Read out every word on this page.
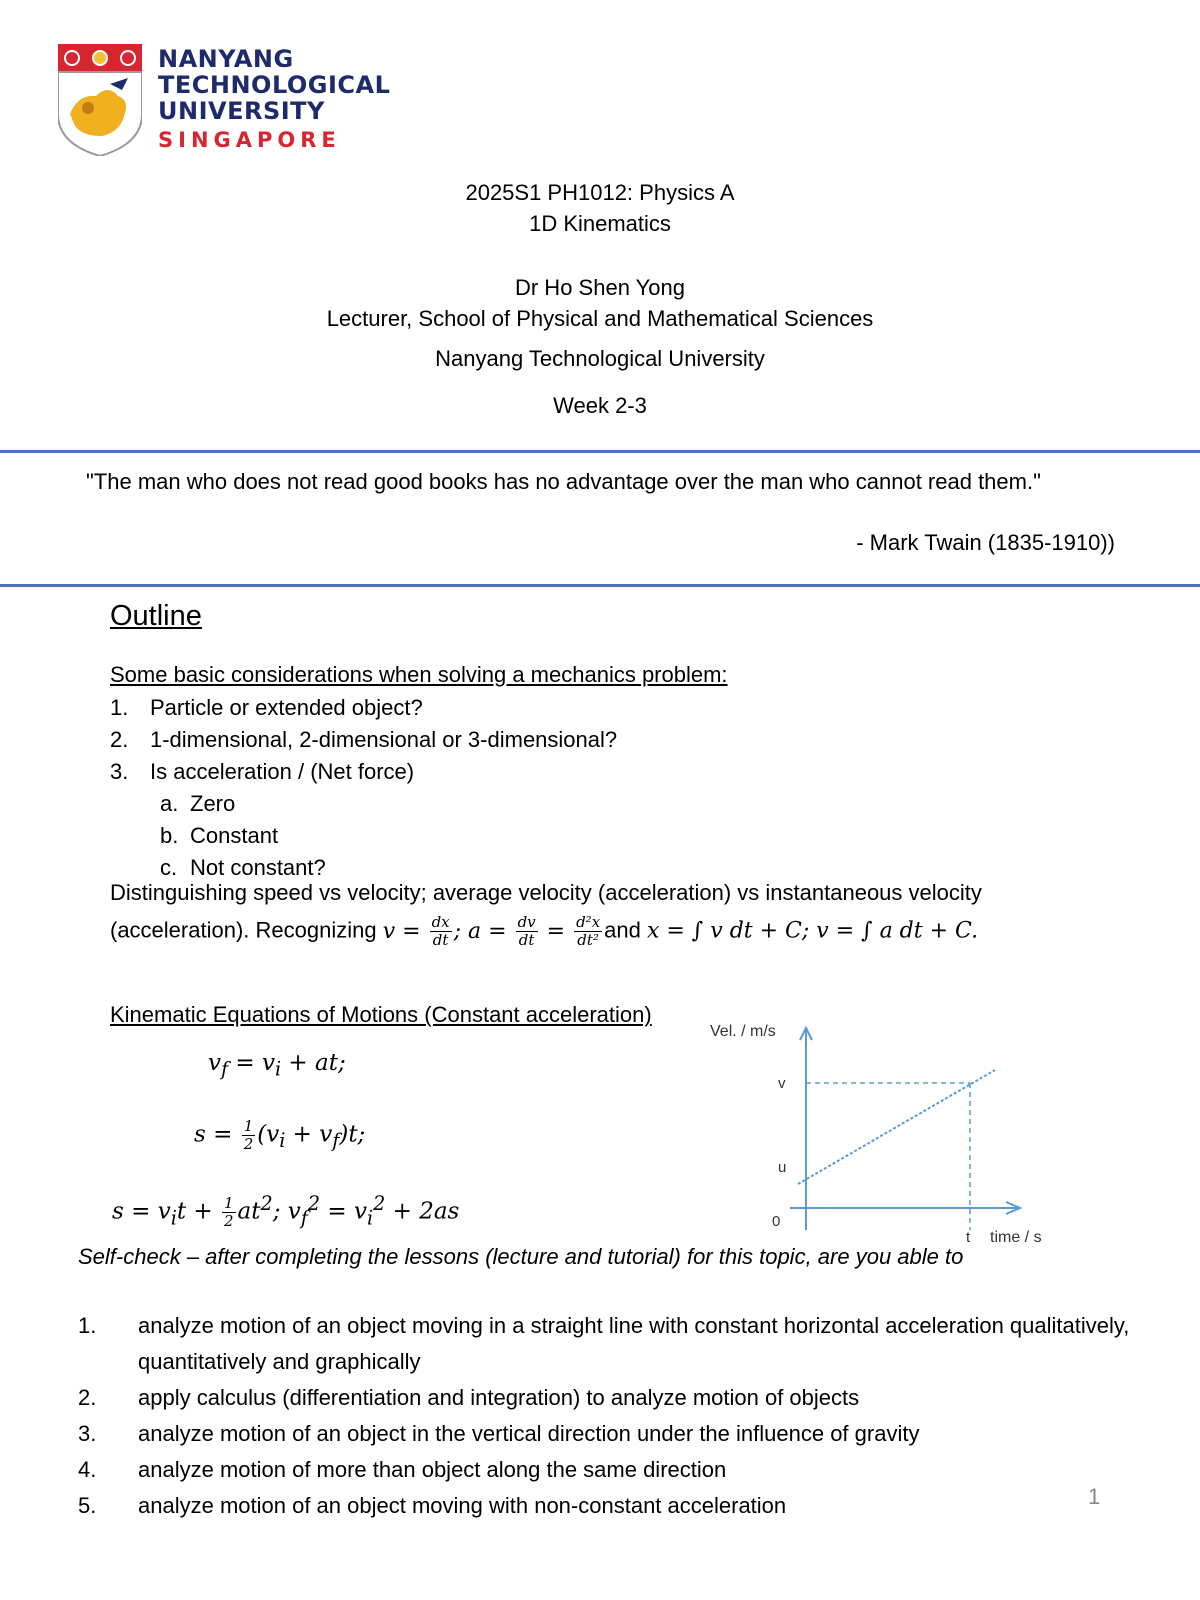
NANYANG
TECHNOLOGICAL
UNIVERSITY
SINGAPORE
2025S1 PH1012: Physics A
1D Kinematics
Dr Ho Shen Yong
Lecturer, School of Physical and Mathematical Sciences
Nanyang Technological University
Week 2-3
"The man who does not read good books has no advantage over the man who cannot read them."
- Mark Twain (1835-1910))
Outline
Some basic considerations when solving a mechanics problem:
1. Particle or extended object?
2. 1-dimensional, 2-dimensional or 3-dimensional?
3. Is acceleration / (Net force)
a. Zero
b. Constant
c. Not constant?
Distinguishing speed vs velocity; average velocity (acceleration) vs instantaneous velocity
(acceleration). Recognizing $v = \frac{dx}{dt}$ ; $a = \frac{dv}{dt} = \frac{\text{d²x}}{\text{dt²}}$ and x = ∫ v dt + C; v = ∫ a dt + C.
Kinematic Equations of Motions (Constant acceleration)
$v_f = v_i$ + at;
$s = \frac{1}{2} (v_i + v_f)t$;
$s = v_it + \frac{1}{2} at^2$; $v_f^2 = v_i^2 + 2as$
Vel. / m/s
v
u
0
t time / s
Self-check – after completing the lessons (lecture and tutorial) for this topic, are you able to
1.	analyze motion of an object moving in a straight line with constant horizontal acceleration qualitatively, quantitatively and graphically
2.	apply calculus (differentiation and integration) to analyze motion of objects
3.	analyze motion of an object in the vertical direction under the influence of gravity
4.	analyze motion of more than object along the same direction
5.	analyze motion of an object moving with non-constant acceleration	1
